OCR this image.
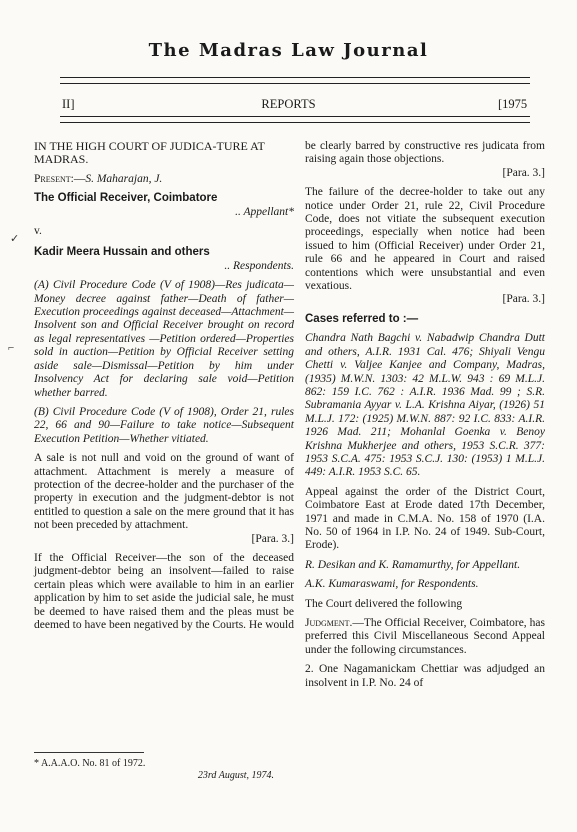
The Madras Law Journal
II]	REPORTS	[1975

IN THE HIGH COURT OF JUDICA-TURE AT MADRAS.

Present:—S. Maharajan, J.

The Official Receiver, Coimbatore

.. Appellant*

v.

Kadir Meera Hussain and others

.. Respondents.

(A) Civil Procedure Code (V of 1908)—Res judicata—Money decree against father—Death of father—Execution proceedings against deceased—Attachment—Insolvent son and Official Receiver brought on record as legal representatives —Petition ordered—Properties sold in auction—Petition by Official Receiver setting aside sale—Dismissal—Petition by him under Insolvency Act for declaring sale void—Petition whether barred.

(B) Civil Procedure Code (V of 1908), Order 21, rules 22, 66 and 90—Failure to take notice—Subsequent Execution Petition—Whether vitiated.

A sale is not null and void on the ground of want of attachment. Attachment is merely a measure of protection of the decree-holder and the purchaser of the property in execution and the judgment-debtor is not entitled to question a sale on the mere ground that it has not been preceded by attachment.

[Para. 3.]

If the Official Receiver—the son of the deceased judgment-debtor being an insolvent—failed to raise certain pleas which were available to him in an earlier application by him to set aside the judicial sale, he must be deemed to have raised them and the pleas must be deemed to have been negatived by the Courts. He would

* A.A.A.O. No. 81 of 1972.
23rd August, 1974.

be clearly barred by constructive res judicata from raising again those objections.

[Para. 3.]

The failure of the decree-holder to take out any notice under Order 21, rule 22, Civil Procedure Code, does not vitiate the subsequent execution proceedings, especially when notice had been issued to him (Official Receiver) under Order 21, rule 66 and he appeared in Court and raised contentions which were unsubstantial and even vexatious.

[Para. 3.]

Cases referred to :—

Chandra Nath Bagchi v. Nabadwip Chandra Dutt and others, A.I.R. 1931 Cal. 476; Shiyali Vengu Chetti v. Valjee Kanjee and Company, Madras, (1935) M.W.N. 1303: 42 M.L.W. 943 : 69 M.L.J. 862: 159 I.C. 762 : A.I.R. 1936 Mad. 99 ; S.R. Subramania Ayyar v. L.A. Krishna Aiyar, (1926) 51 M.L.J. 172: (1925) M.W.N. 887: 92 I.C. 833: A.I.R. 1926 Mad. 211; Mohanlal Goenka v. Benoy Krishna Mukherjee and others, 1953 S.C.R. 377: 1953 S.C.A. 475: 1953 S.C.J. 130: (1953) 1 M.L.J. 449: A.I.R. 1953 S.C. 65.

Appeal against the order of the District Court, Coimbatore East at Erode dated 17th December, 1971 and made in C.M.A. No. 158 of 1970 (I.A. No. 50 of 1964 in I.P. No. 24 of 1949. Sub-Court, Erode).

R. Desikan and K. Ramamurthy, for Appellant.

A.K. Kumaraswami, for Respondents.

The Court delivered the following

Judgment.—The Official Receiver, Coimbatore, has preferred this Civil Miscellaneous Second Appeal under the following circumstances.

2. One Nagamanickam Chettiar was adjudged an insolvent in I.P. No. 24 of

✓
⌐
